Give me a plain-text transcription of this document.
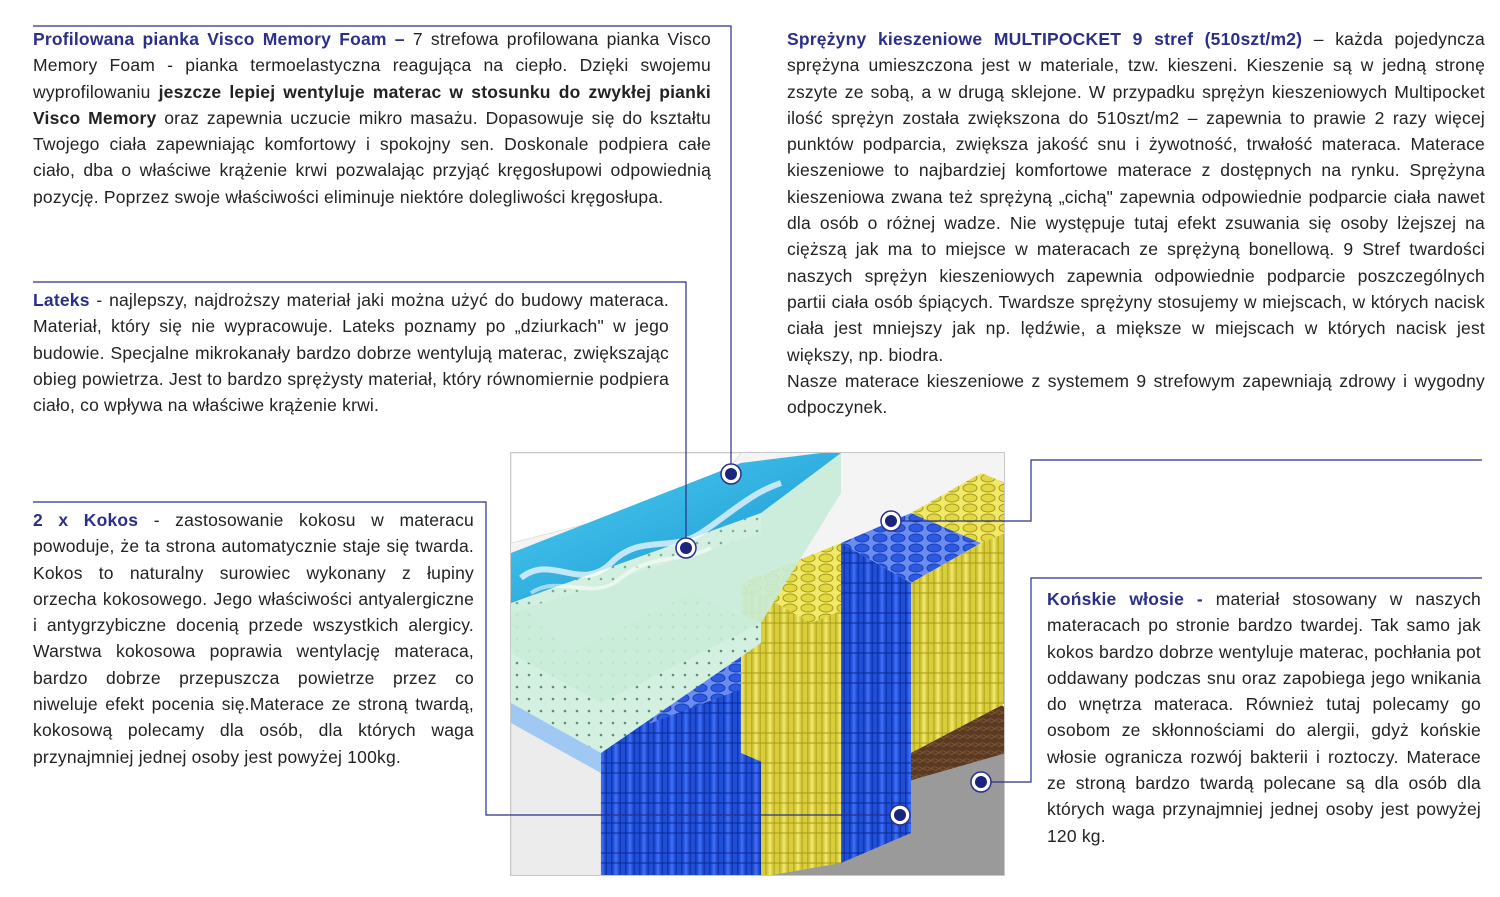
Profilowana pianka Visco Memory Foam – 7 strefowa profilowana pianka Visco Memory Foam - pianka termoelastyczna reagująca na ciepło. Dzięki swojemu wyprofilowaniu jeszcze lepiej wentyluje materac w stosunku do zwykłej pianki Visco Memory oraz zapewnia uczucie mikro masażu. Dopasowuje się do kształtu Twojego ciała zapewniając komfortowy i spokojny sen. Doskonale podpiera całe ciało, dba o właściwe krążenie krwi pozwalając przyjąć kręgosłupowi odpowiednią pozycję. Poprzez swoje właściwości eliminuje niektóre dolegliwości kręgosłupa.
Lateks - najlepszy, najdroższy materiał jaki można użyć do budowy materaca. Materiał, który się nie wypracowuje. Lateks poznamy po „dziurkach" w jego budowie. Specjalne mikrokanały bardzo dobrze wentylują materac, zwiększając obieg powietrza. Jest to bardzo sprężysty materiał, który równomiernie podpiera ciało, co wpływa na właściwe krążenie krwi.
2 x Kokos - zastosowanie kokosu w materacu powoduje, że ta strona automatycznie staje się twarda. Kokos to naturalny surowiec wykonany z łupiny orzecha kokosowego. Jego właściwości antyalergiczne i antygrzybiczne docenią przede wszystkich alergicy. Warstwa kokosowa poprawia wentylację materaca, bardzo dobrze przepuszcza powietrze przez co niweluje efekt pocenia się.Materace ze stroną twardą, kokosową polecamy dla osób, dla których waga przynajmniej jednej osoby jest powyżej 100kg.
Sprężyny kieszeniowe MULTIPOCKET 9 stref (510szt/m2) – każda pojedyncza sprężyna umieszczona jest w materiale, tzw. kieszeni. Kieszenie są w jedną stronę zszyte ze sobą, a w drugą sklejone. W przypadku sprężyn kieszeniowych Multipocket ilość sprężyn została zwiększona do 510szt/m2 – zapewnia to prawie 2 razy więcej punktów podparcia, zwiększa jakość snu i żywotność, trwałość materaca. Materace kieszeniowe to najbardziej komfortowe materace z dostępnych na rynku. Sprężyna kieszeniowa zwana też sprężyną „cichą" zapewnia odpowiednie podparcie ciała nawet dla osób o różnej wadze. Nie występuje tutaj efekt zsuwania się osoby lżejszej na cięższą jak ma to miejsce w materacach ze sprężyną bonellową. 9 Stref twardości naszych sprężyn kieszeniowych zapewnia odpowiednie podparcie poszczególnych partii ciała osób śpiących. Twardsze sprężyny stosujemy w miejscach, w których nacisk ciała jest mniejszy jak np. lędźwie, a miększe w miejscach w których nacisk jest większy, np. biodra.
Nasze materace kieszeniowe z systemem 9 strefowym zapewniają zdrowy i wygodny odpoczynek.
Końskie włosie - materiał stosowany w naszych materacach po stronie bardzo twardej. Tak samo jak kokos bardzo dobrze wentyluje materac, pochłania pot oddawany podczas snu oraz zapobiega jego wnikania do wnętrza materaca. Również tutaj polecamy go osobom ze skłonnościami do alergii, gdyż końskie włosie ogranicza rozwój bakterii i roztoczy. Materace ze stroną bardzo twardą polecane są dla osób dla których waga przynajmniej jednej osoby jest powyżej 120 kg.
